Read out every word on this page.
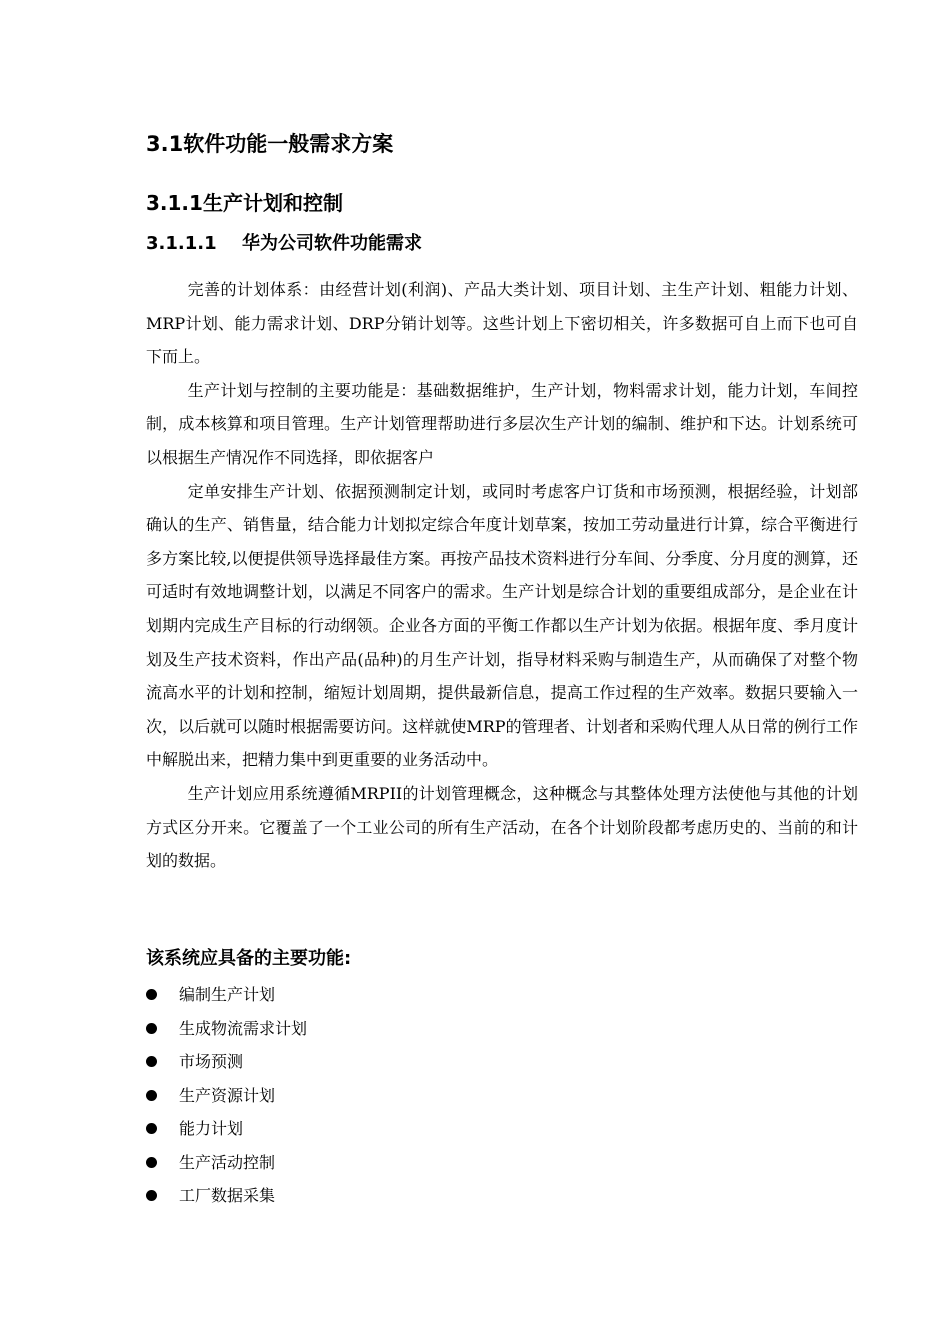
3.1软件功能一般需求方案
3.1.1生产计划和控制
3.1.1.1 华为公司软件功能需求

完善的计划体系：由经营计划(利润)、产品大类计划、项目计划、主生产计划、粗能力计划、MRP计划、能力需求计划、DRP分销计划等。这些计划上下密切相关，许多数据可自上而下也可自下而上。

生产计划与控制的主要功能是：基础数据维护，生产计划，物料需求计划，能力计划，车间控制，成本核算和项目管理。生产计划管理帮助进行多层次生产计划的编制、维护和下达。计划系统可以根据生产情况作不同选择，即依据客户

定单安排生产计划、依据预测制定计划，或同时考虑客户订货和市场预测，根据经验，计划部确认的生产、销售量，结合能力计划拟定综合年度计划草案，按加工劳动量进行计算，综合平衡进行多方案比较,以便提供领导选择最佳方案。再按产品技术资料进行分车间、分季度、分月度的测算，还可适时有效地调整计划，以满足不同客户的需求。生产计划是综合计划的重要组成部分，是企业在计划期内完成生产目标的行动纲领。企业各方面的平衡工作都以生产计划为依据。根据年度、季月度计划及生产技术资料，作出产品(品种)的月生产计划，指导材料采购与制造生产，从而确保了对整个物流高水平的计划和控制，缩短计划周期，提供最新信息，提高工作过程的生产效率。数据只要输入一次，以后就可以随时根据需要访问。这样就使MRP的管理者、计划者和采购代理人从日常的例行工作中解脱出来，把精力集中到更重要的业务活动中。

生产计划应用系统遵循MRPII的计划管理概念，这种概念与其整体处理方法使他与其他的计划方式区分开来。它覆盖了一个工业公司的所有生产活动，在各个计划阶段都考虑历史的、当前的和计划的数据。

该系统应具备的主要功能:
编制生产计划
生成物流需求计划
市场预测
生产资源计划
能力计划
生产活动控制
工厂数据采集
